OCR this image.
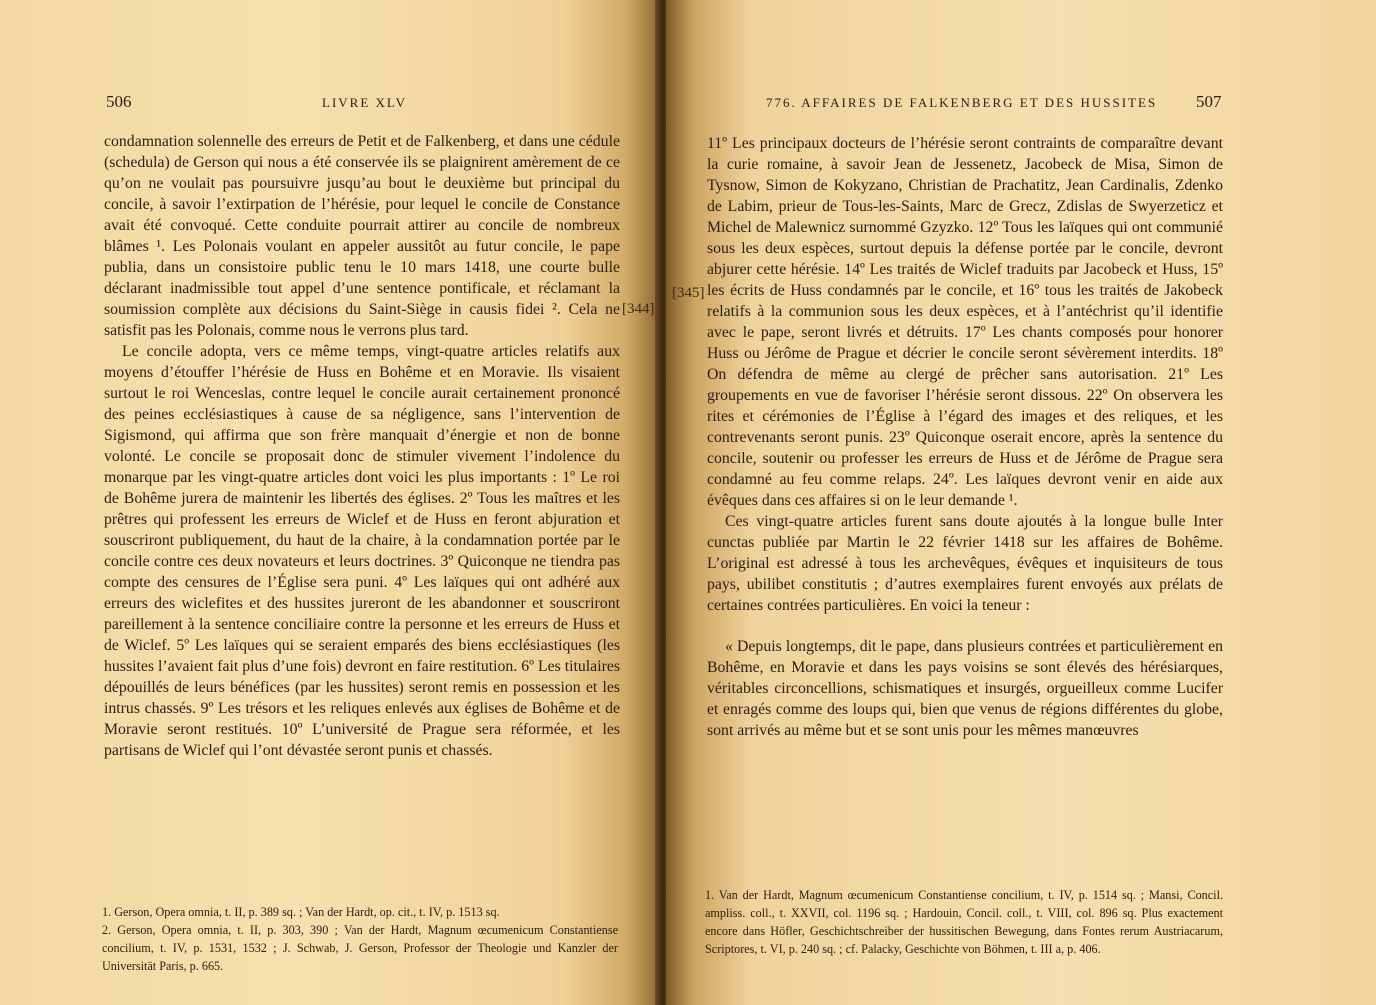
506	LIVRE XLV
[344]

condamnation solennelle des erreurs de Petit et de Falkenberg, et dans une cédule (schedula) de Gerson qui nous a été conservée ils se plaignirent amèrement de ce qu’on ne voulait pas poursuivre jusqu’au bout le deuxième but principal du concile, à savoir l’extirpation de l’hérésie, pour lequel le concile de Constance avait été convoqué. Cette conduite pourrait attirer au concile de nombreux blâmes ¹. Les Polonais voulant en appeler aussitôt au futur concile, le pape publia, dans un consistoire public tenu le 10 mars 1418, une courte bulle déclarant inadmissible tout appel d’une sentence pontificale, et réclamant la soumission complète aux décisions du Saint-Siège in causis fidei ². Cela ne satisfit pas les Polonais, comme nous le verrons plus tard.

Le concile adopta, vers ce même temps, vingt-quatre articles relatifs aux moyens d’étouffer l’hérésie de Huss en Bohême et en Moravie. Ils visaient surtout le roi Wenceslas, contre lequel le concile aurait certainement prononcé des peines ecclésiastiques à cause de sa négligence, sans l’intervention de Sigismond, qui affirma que son frère manquait d’énergie et non de bonne volonté. Le concile se proposait donc de stimuler vivement l’indolence du monarque par les vingt-quatre articles dont voici les plus importants : 1º Le roi de Bohême jurera de maintenir les libertés des églises. 2º Tous les maîtres et les prêtres qui professent les erreurs de Wiclef et de Huss en feront abjuration et souscriront publiquement, du haut de la chaire, à la condamnation portée par le concile contre ces deux novateurs et leurs doctrines. 3º Quiconque ne tiendra pas compte des censures de l’Église sera puni. 4º Les laïques qui ont adhéré aux erreurs des wiclefites et des hussites jureront de les abandonner et souscriront pareillement à la sentence conciliaire contre la personne et les erreurs de Huss et de Wiclef. 5º Les laïques qui se seraient emparés des biens ecclésiastiques (les hussites l’avaient fait plus d’une fois) devront en faire restitution. 6º Les titulaires dépouillés de leurs bénéfices (par les hussites) seront remis en possession et les intrus chassés. 9º Les trésors et les reliques enlevés aux églises de Bohême et de Moravie seront restitués. 10º L’université de Prague sera réformée, et les partisans de Wiclef qui l’ont dévastée seront punis et chassés.

1. Gerson, Opera omnia, t. II, p. 389 sq. ; Van der Hardt, op. cit., t. IV, p. 1513 sq.

2. Gerson, Opera omnia, t. II, p. 303, 390 ; Van der Hardt, Magnum œcumenicum Constantiense concilium, t. IV, p. 1531, 1532 ; J. Schwab, J. Gerson, Professor der Theologie und Kanzler der Universität Paris, p. 665.

776. AFFAIRES DE FALKENBERG ET DES HUSSITES 507
[345]

11º Les principaux docteurs de l’hérésie seront contraints de comparaître devant la curie romaine, à savoir Jean de Jessenetz, Jacobeck de Misa, Simon de Tysnow, Simon de Kokyzano, Christian de Prachatitz, Jean Cardinalis, Zdenko de Labim, prieur de Tous-les-Saints, Marc de Grecz, Zdislas de Swyerzeticz et Michel de Malewnicz surnommé Gzyzko. 12º Tous les laïques qui ont communié sous les deux espèces, surtout depuis la défense portée par le concile, devront abjurer cette hérésie. 14º Les traités de Wiclef traduits par Jacobeck et Huss, 15º les écrits de Huss condamnés par le concile, et 16º tous les traités de Jakobeck relatifs à la communion sous les deux espèces, et à l’antéchrist qu’il identifie avec le pape, seront livrés et détruits. 17º Les chants composés pour honorer Huss ou Jérôme de Prague et décrier le concile seront sévèrement interdits. 18º On défendra de même au clergé de prêcher sans autorisation. 21º Les groupements en vue de favoriser l’hérésie seront dissous. 22º On observera les rites et cérémonies de l’Église à l’égard des images et des reliques, et les contrevenants seront punis. 23º Quiconque oserait encore, après la sentence du concile, soutenir ou professer les erreurs de Huss et de Jérôme de Prague sera condamné au feu comme relaps. 24º. Les laïques devront venir en aide aux évêques dans ces affaires si on le leur demande ¹.

Ces vingt-quatre articles furent sans doute ajoutés à la longue bulle Inter cunctas publiée par Martin le 22 février 1418 sur les affaires de Bohême. L’original est adressé à tous les archevêques, évêques et inquisiteurs de tous pays, ubilibet constitutis ; d’autres exemplaires furent envoyés aux prélats de certaines contrées particulières. En voici la teneur :

« Depuis longtemps, dit le pape, dans plusieurs contrées et particulièrement en Bohême, en Moravie et dans les pays voisins se sont élevés des hérésiarques, véritables circoncellions, schismatiques et insurgés, orgueilleux comme Lucifer et enragés comme des loups qui, bien que venus de régions différentes du globe, sont arrivés au même but et se sont unis pour les mêmes manœuvres

1. Van der Hardt, Magnum œcumenicum Constantiense concilium, t. IV, p. 1514 sq. ; Mansi, Concil. ampliss. coll., t. XXVII, col. 1196 sq. ; Hardouin, Concil. coll., t. VIII, col. 896 sq. Plus exactement encore dans Höfler, Geschichtschreiber der hussitischen Bewegung, dans Fontes rerum Austriacarum, Scriptores, t. VI, p. 240 sq. ; cf. Palacky, Geschichte von Böhmen, t. III a, p. 406.
